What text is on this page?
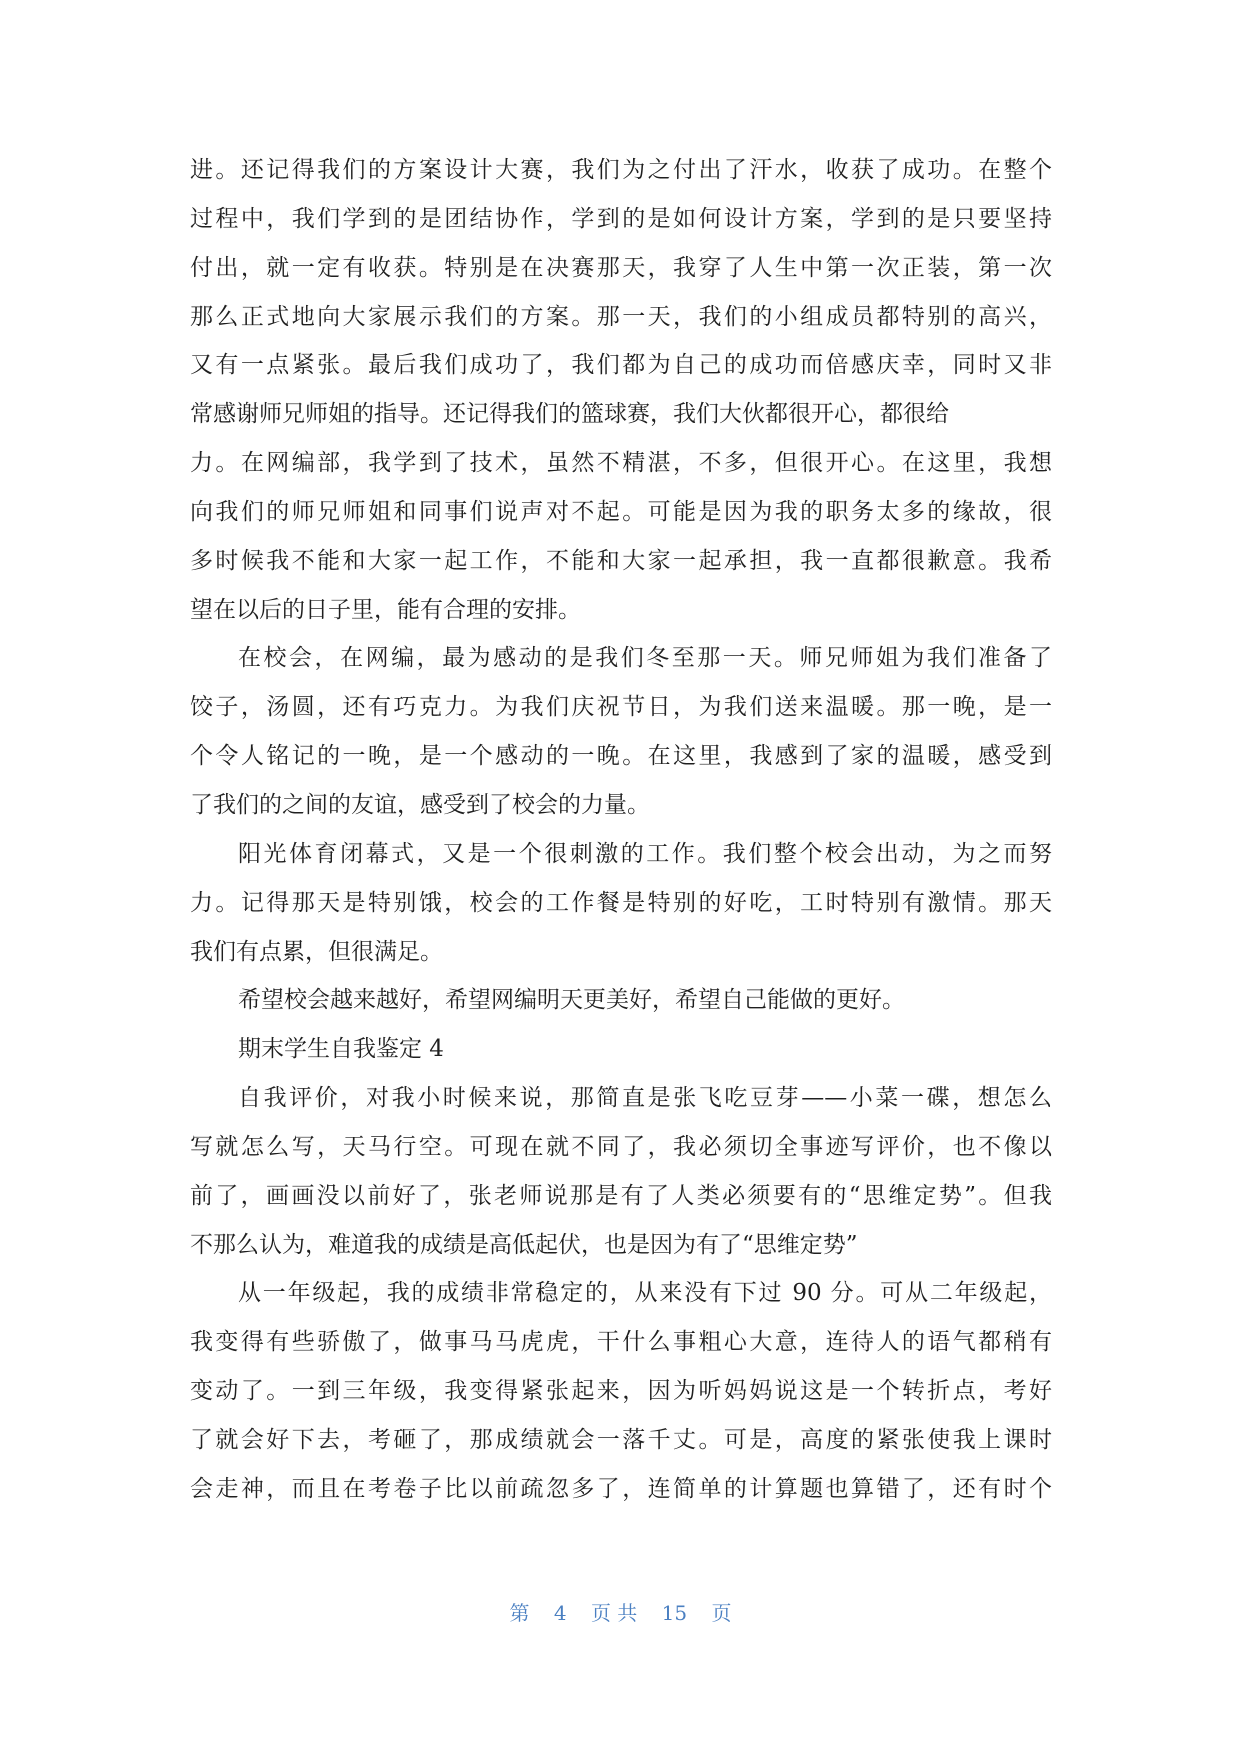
进。还记得我们的方案设计大赛，我们为之付出了汗水，收获了成功。在整个
过程中，我们学到的是团结协作，学到的是如何设计方案，学到的是只要坚持
付出，就一定有收获。特别是在决赛那天，我穿了人生中第一次正装，第一次
那么正式地向大家展示我们的方案。那一天，我们的小组成员都特别的高兴，
又有一点紧张。最后我们成功了，我们都为自己的成功而倍感庆幸，同时又非
常感谢师兄师姐的指导。还记得我们的篮球赛，我们大伙都很开心，都很给
力。在网编部，我学到了技术，虽然不精湛，不多，但很开心。在这里，我想
向我们的师兄师姐和同事们说声对不起。可能是因为我的职务太多的缘故，很
多时候我不能和大家一起工作，不能和大家一起承担，我一直都很歉意。我希
望在以后的日子里，能有合理的安排。
在校会，在网编，最为感动的是我们冬至那一天。师兄师姐为我们准备了
饺子，汤圆，还有巧克力。为我们庆祝节日，为我们送来温暖。那一晚，是一
个令人铭记的一晚，是一个感动的一晚。在这里，我感到了家的温暖，感受到
了我们的之间的友谊，感受到了校会的力量。
阳光体育闭幕式，又是一个很刺激的工作。我们整个校会出动，为之而努
力。记得那天是特别饿，校会的工作餐是特别的好吃，工时特别有激情。那天
我们有点累，但很满足。
希望校会越来越好，希望网编明天更美好，希望自己能做的更好。
期末学生自我鉴定 4
自我评价，对我小时候来说，那简直是张飞吃豆芽——小菜一碟，想怎么
写就怎么写，天马行空。可现在就不同了，我必须切全事迹写评价，也不像以
前了，画画没以前好了，张老师说那是有了人类必须要有的“思维定势”。但我
不那么认为，难道我的成绩是高低起伏，也是因为有了“思维定势”
从一年级起，我的成绩非常稳定的，从来没有下过 90 分。可从二年级起，
我变得有些骄傲了，做事马马虎虎，干什么事粗心大意，连待人的语气都稍有
变动了。一到三年级，我变得紧张起来，因为听妈妈说这是一个转折点，考好
了就会好下去，考砸了，那成绩就会一落千丈。可是，高度的紧张使我上课时
会走神，而且在考卷子比以前疏忽多了，连简单的计算题也算错了，还有时个
第 4 页 共 15 页
